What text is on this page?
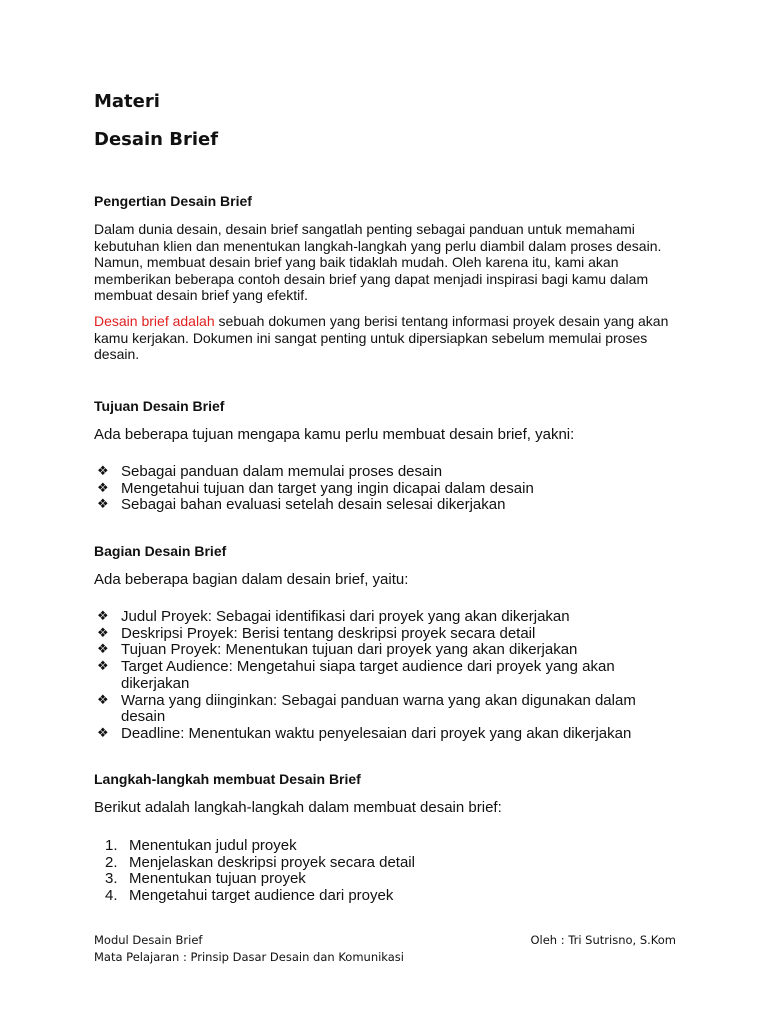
Materi
Desain Brief
Pengertian Desain Brief

Dalam dunia desain, desain brief sangatlah penting sebagai panduan untuk memahami kebutuhan klien dan menentukan langkah-langkah yang perlu diambil dalam proses desain. Namun, membuat desain brief yang baik tidaklah mudah. Oleh karena itu, kami akan memberikan beberapa contoh desain brief yang dapat menjadi inspirasi bagi kamu dalam membuat desain brief yang efektif.

Desain brief adalah sebuah dokumen yang berisi tentang informasi proyek desain yang akan kamu kerjakan. Dokumen ini sangat penting untuk dipersiapkan sebelum memulai proses desain.

Tujuan Desain Brief

Ada beberapa tujuan mengapa kamu perlu membuat desain brief, yakni:

❖ Sebagai panduan dalam memulai proses desain
❖ Mengetahui tujuan dan target yang ingin dicapai dalam desain
❖ Sebagai bahan evaluasi setelah desain selesai dikerjakan
Bagian Desain Brief

Ada beberapa bagian dalam desain brief, yaitu:

❖ Judul Proyek: Sebagai identifikasi dari proyek yang akan dikerjakan
❖ Deskripsi Proyek: Berisi tentang deskripsi proyek secara detail
❖ Tujuan Proyek: Menentukan tujuan dari proyek yang akan dikerjakan
❖ Target Audience: Mengetahui siapa target audience dari proyek yang akan dikerjakan
❖ Warna yang diinginkan: Sebagai panduan warna yang akan digunakan dalam desain
❖ Deadline: Menentukan waktu penyelesaian dari proyek yang akan dikerjakan
Langkah-langkah membuat Desain Brief

Berikut adalah langkah-langkah dalam membuat desain brief:

1. Menentukan judul proyek
2. Menjelaskan deskripsi proyek secara detail
3. Menentukan tujuan proyek
4. Mengetahui target audience dari proyek
Modul Desain Brief	Oleh : Tri Sutrisno, S.Kom
Mata Pelajaran : Prinsip Dasar Desain dan Komunikasi
